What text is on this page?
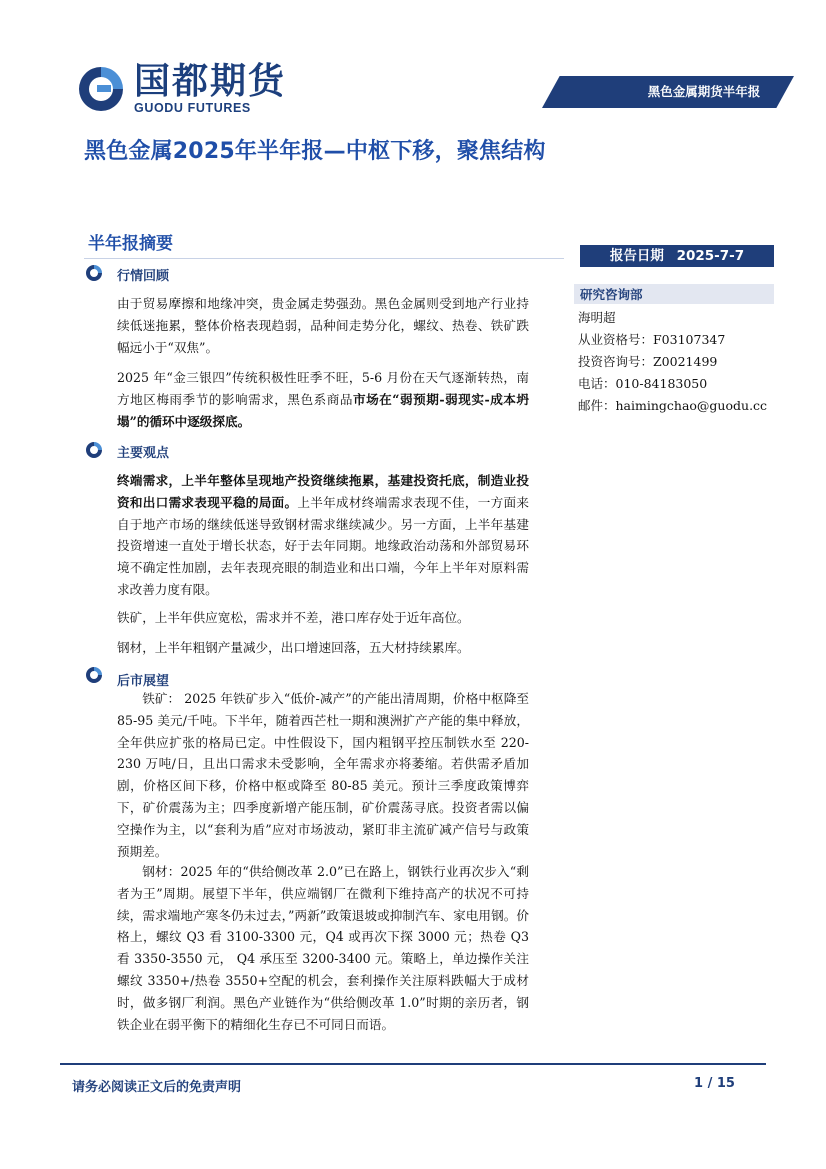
国都期货
GUODU FUTURES
黑色金属期货半年报
黑色金属2025年半年报—中枢下移，聚焦结构
半年报摘要
报告日期 2025-7-7
研究咨询部
海明超
从业资格号：F03107347
投资咨询号：Z0021499
电话：010-84183050
邮件：haimingchao@guodu.cc
行情回顾
由于贸易摩擦和地缘冲突，贵金属走势强劲。黑色金属则受到地产行业持续低迷拖累，整体价格表现趋弱，品种间走势分化，螺纹、热卷、铁矿跌幅远小于“双焦”。
2025 年“金三银四”传统积极性旺季不旺，5-6 月份在天气逐渐转热，南方地区梅雨季节的影响需求，黑色系商品市场在“弱预期-弱现实-成本坍塌”的循环中逐级探底。
主要观点
终端需求，上半年整体呈现地产投资继续拖累，基建投资托底，制造业投资和出口需求表现平稳的局面。上半年成材终端需求表现不佳，一方面来自于地产市场的继续低迷导致钢材需求继续减少。另一方面，上半年基建投资增速一直处于增长状态，好于去年同期。地缘政治动荡和外部贸易环境不确定性加剧，去年表现亮眼的制造业和出口端，今年上半年对原料需求改善力度有限。
铁矿，上半年供应宽松，需求并不差，港口库存处于近年高位。
钢材，上半年粗钢产量减少，出口增速回落，五大材持续累库。
后市展望
铁矿： 2025 年铁矿步入“低价-减产”的产能出清周期，价格中枢降至 85-95 美元/千吨。下半年，随着西芒杜一期和澳洲扩产产能的集中释放，全年供应扩张的格局已定。中性假设下，国内粗钢平控压制铁水至 220-230 万吨/日，且出口需求未受影响，全年需求亦将萎缩。若供需矛盾加剧，价格区间下移，价格中枢或降至 80-85 美元。预计三季度政策博弈下，矿价震荡为主；四季度新增产能压制，矿价震荡寻底。投资者需以偏空操作为主，以“套利为盾”应对市场波动，紧盯非主流矿减产信号与政策预期差。
钢材：2025 年的“供给侧改革 2.0”已在路上，钢铁行业再次步入“剩者为王”周期。展望下半年，供应端钢厂在微利下维持高产的状况不可持续，需求端地产寒冬仍未过去，”两新”政策退坡或抑制汽车、家电用钢。价格上，螺纹 Q3 看 3100-3300 元，Q4 或再次下探 3000 元；热卷 Q3 看 3350-3550 元， Q4 承压至 3200-3400 元。策略上，单边操作关注螺纹 3350+/热卷 3550+空配的机会，套利操作关注原料跌幅大于成材时，做多钢厂利润。黑色产业链作为“供给侧改革 1.0”时期的亲历者，钢铁企业在弱平衡下的精细化生存已不可同日而语。
请务必阅读正文后的免责声明	1 / 15
